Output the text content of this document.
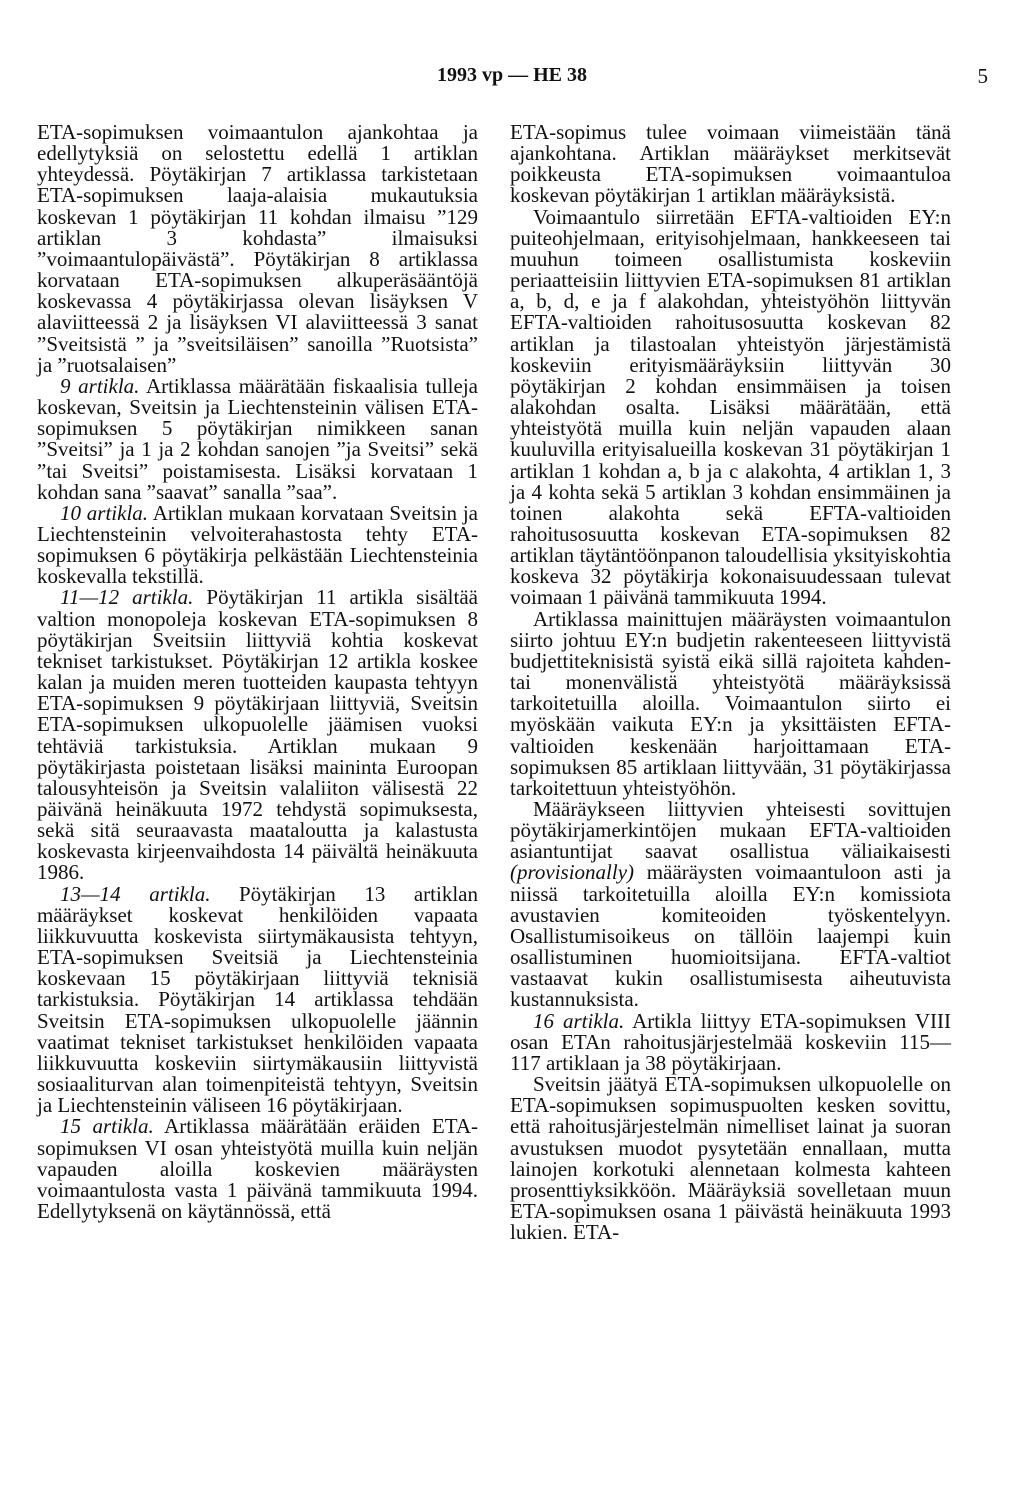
1993 vp — HE 38	5

ETA-sopimuksen voimaantulon ajankohtaa ja edellytyksiä on selostettu edellä 1 artiklan yhteydessä. Pöytäkirjan 7 artiklassa tarkistetaan ETA-sopimuksen laaja-alaisia mukautuksia koskevan 1 pöytäkirjan 11 kohdan ilmaisu ”129 artiklan 3 kohdasta” ilmaisuksi ”voimaantulopäivästä”. Pöytäkirjan 8 artiklassa korvataan ETA-sopimuksen alkuperäsääntöjä koskevassa 4 pöytäkirjassa olevan lisäyksen V alaviitteessä 2 ja lisäyksen VI alaviitteessä 3 sanat ”Sveitsistä ” ja ”sveitsiläisen” sanoilla ”Ruotsista” ja ”ruotsalaisen”

9 artikla. Artiklassa määrätään fiskaalisia tulleja koskevan, Sveitsin ja Liechtensteinin välisen ETA-sopimuksen 5 pöytäkirjan nimikkeen sanan ”Sveitsi” ja 1 ja 2 kohdan sanojen ”ja Sveitsi” sekä ”tai Sveitsi” poistamisesta. Lisäksi korvataan 1 kohdan sana ”saavat” sanalla ”saa”.

10 artikla. Artiklan mukaan korvataan Sveitsin ja Liechtensteinin velvoiterahastosta tehty ETA-sopimuksen 6 pöytäkirja pelkästään Liechtensteinia koskevalla tekstillä.

11—12 artikla. Pöytäkirjan 11 artikla sisältää valtion monopoleja koskevan ETA-sopimuksen 8 pöytäkirjan Sveitsiin liittyviä kohtia koskevat tekniset tarkistukset. Pöytäkirjan 12 artikla koskee kalan ja muiden meren tuotteiden kaupasta tehtyyn ETA-sopimuksen 9 pöytäkirjaan liittyviä, Sveitsin ETA-sopimuksen ulkopuolelle jäämisen vuoksi tehtäviä tarkistuksia. Artiklan mukaan 9 pöytäkirjasta poistetaan lisäksi maininta Euroopan talousyhteisön ja Sveitsin valaliiton välisestä 22 päivänä heinäkuuta 1972 tehdystä sopimuksesta, sekä sitä seuraavasta maataloutta ja kalastusta koskevasta kirjeenvaihdosta 14 päivältä heinäkuuta 1986.

13—14 artikla. Pöytäkirjan 13 artiklan määräykset koskevat henkilöiden vapaata liikkuvuutta koskevista siirtymäkausista tehtyyn, ETA-sopimuksen Sveitsiä ja Liechtensteinia koskevaan 15 pöytäkirjaan liittyviä teknisiä tarkistuksia. Pöytäkirjan 14 artiklassa tehdään Sveitsin ETA-sopimuksen ulkopuolelle jäännin vaatimat tekniset tarkistukset henkilöiden vapaata liikkuvuutta koskeviin siirtymäkausiin liittyvistä sosiaaliturvan alan toimenpiteistä tehtyyn, Sveitsin ja Liechtensteinin väliseen 16 pöytäkirjaan.

15 artikla. Artiklassa määrätään eräiden ETA-sopimuksen VI osan yhteistyötä muilla kuin neljän vapauden aloilla koskevien määräysten voimaantulosta vasta 1 päivänä tammikuuta 1994. Edellytyksenä on käytännössä, että

ETA-sopimus tulee voimaan viimeistään tänä ajankohtana. Artiklan määräykset merkitsevät poikkeusta ETA-sopimuksen voimaantuloa koskevan pöytäkirjan 1 artiklan määräyksistä.

Voimaantulo siirretään EFTA-valtioiden EY:n puiteohjelmaan, erityisohjelmaan, hankkeeseen tai muuhun toimeen osallistumista koskeviin periaatteisiin liittyvien ETA-sopimuksen 81 artiklan a, b, d, e ja f alakohdan, yhteistyöhön liittyvän EFTA-valtioiden rahoitusosuutta koskevan 82 artiklan ja tilastoalan yhteistyön järjestämistä koskeviin erityismääräyksiin liittyvän 30 pöytäkirjan 2 kohdan ensimmäisen ja toisen alakohdan osalta. Lisäksi määrätään, että yhteistyötä muilla kuin neljän vapauden alaan kuuluvilla erityisalueilla koskevan 31 pöytäkirjan 1 artiklan 1 kohdan a, b ja c alakohta, 4 artiklan 1, 3 ja 4 kohta sekä 5 artiklan 3 kohdan ensimmäinen ja toinen alakohta sekä EFTA-valtioiden rahoitusosuutta koskevan ETA-sopimuksen 82 artiklan täytäntöönpanon taloudellisia yksityiskohtia koskeva 32 pöytäkirja kokonaisuudessaan tulevat voimaan 1 päivänä tammikuuta 1994.

Artiklassa mainittujen määräysten voimaantulon siirto johtuu EY:n budjetin rakenteeseen liittyvistä budjettiteknisistä syistä eikä sillä rajoiteta kahden- tai monenvälistä yhteistyötä määräyksissä tarkoitetuilla aloilla. Voimaantulon siirto ei myöskään vaikuta EY:n ja yksittäisten EFTA-valtioiden keskenään harjoittamaan ETA-sopimuksen 85 artiklaan liittyvään, 31 pöytäkirjassa tarkoitettuun yhteistyöhön.

Määräykseen liittyvien yhteisesti sovittujen pöytäkirjamerkintöjen mukaan EFTA-valtioiden asiantuntijat saavat osallistua väliaikaisesti (provisionally) määräysten voimaantuloon asti ja niissä tarkoitetuilla aloilla EY:n komissiota avustavien komiteoiden työskentelyyn. Osallistumisoikeus on tällöin laajempi kuin osallistuminen huomioitsijana. EFTA-valtiot vastaavat kukin osallistumisesta aiheutuvista kustannuksista.

16 artikla. Artikla liittyy ETA-sopimuksen VIII osan ETAn rahoitusjärjestelmää koskeviin 115—117 artiklaan ja 38 pöytäkirjaan.

Sveitsin jäätyä ETA-sopimuksen ulkopuolelle on ETA-sopimuksen sopimuspuolten kesken sovittu, että rahoitusjärjestelmän nimelliset lainat ja suoran avustuksen muodot pysytetään ennallaan, mutta lainojen korkotuki alennetaan kolmesta kahteen prosenttiyksikköön. Määräyksiä sovelletaan muun ETA-sopimuksen osana 1 päivästä heinäkuuta 1993 lukien. ETA-
